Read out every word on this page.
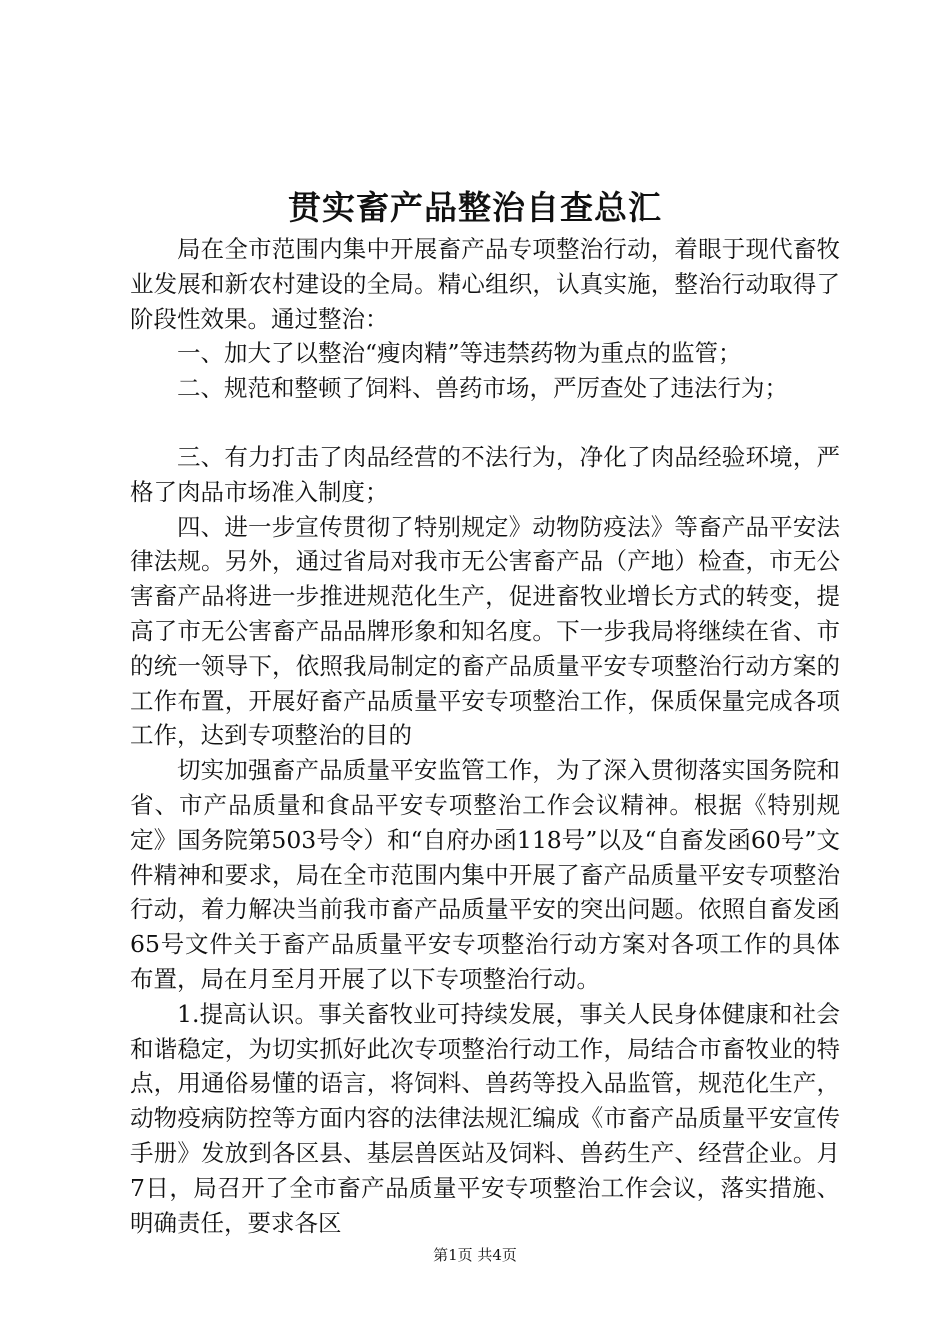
贯实畜产品整治自查总汇

局在全市范围内集中开展畜产品专项整治行动，着眼于现代畜牧业发展和新农村建设的全局。精心组织，认真实施，整治行动取得了阶段性效果。通过整治：

一、加大了以整治“瘦肉精”等违禁药物为重点的监管；

二、规范和整顿了饲料、兽药市场，严厉查处了违法行为；

三、有力打击了肉品经营的不法行为，净化了肉品经验环境，严格了肉品市场准入制度；

四、进一步宣传贯彻了特别规定》动物防疫法》等畜产品平安法律法规。另外，通过省局对我市无公害畜产品（产地）检查，市无公害畜产品将进一步推进规范化生产，促进畜牧业增长方式的转变，提高了市无公害畜产品品牌形象和知名度。下一步我局将继续在省、市的统一领导下，依照我局制定的畜产品质量平安专项整治行动方案的工作布置，开展好畜产品质量平安专项整治工作，保质保量完成各项工作，达到专项整治的目的

切实加强畜产品质量平安监管工作，为了深入贯彻落实国务院和省、市产品质量和食品平安专项整治工作会议精神。根据《特别规定》国务院第503号令）和“自府办函118号”以及“自畜发函60号”文件精神和要求，局在全市范围内集中开展了畜产品质量平安专项整治行动，着力解决当前我市畜产品质量平安的突出问题。依照自畜发函65号文件关于畜产品质量平安专项整治行动方案对各项工作的具体布置，局在月至月开展了以下专项整治行动。

1.提高认识。事关畜牧业可持续发展，事关人民身体健康和社会和谐稳定，为切实抓好此次专项整治行动工作，局结合市畜牧业的特点，用通俗易懂的语言，将饲料、兽药等投入品监管，规范化生产，动物疫病防控等方面内容的法律法规汇编成《市畜产品质量平安宣传手册》发放到各区县、基层兽医站及饲料、兽药生产、经营企业。月7日，局召开了全市畜产品质量平安专项整治工作会议，落实措施、明确责任，要求各区

第1页 共4页
